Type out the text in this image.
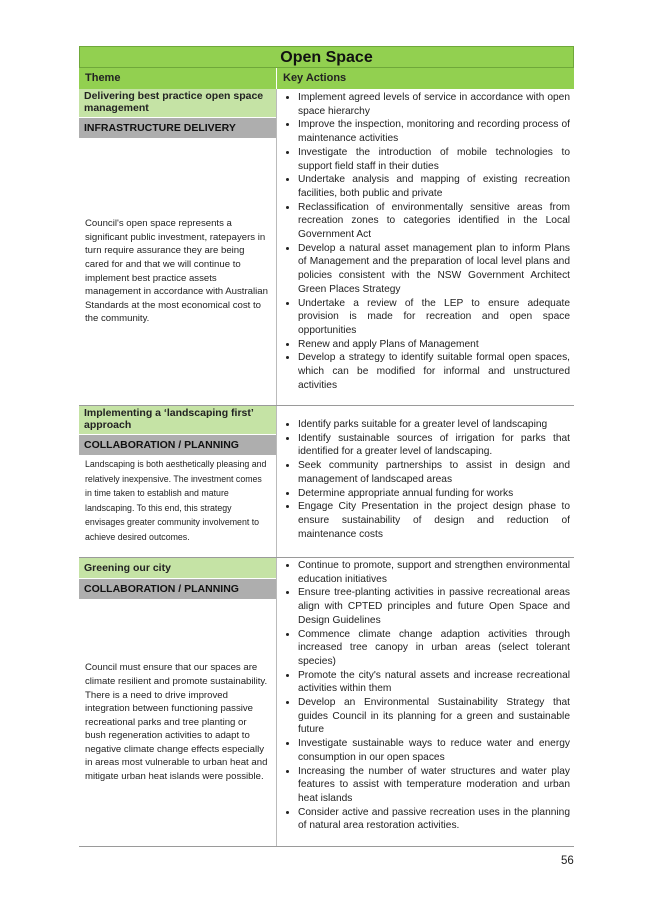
Open Space
Theme	Key Actions
Delivering best practice open space management
INFRASTRUCTURE DELIVERY
Council's open space represents a significant public investment, ratepayers in turn require assurance they are being cared for and that we will continue to implement best practice assets management in accordance with Australian Standards at the most economical cost to the community.
• Implement agreed levels of service in accordance with open space hierarchy
• Improve the inspection, monitoring and recording process of maintenance activities
• Investigate the introduction of mobile technologies to support field staff in their duties
• Undertake analysis and mapping of existing recreation facilities, both public and private
• Reclassification of environmentally sensitive areas from recreation zones to categories identified in the Local Government Act
• Develop a natural asset management plan to inform Plans of Management and the preparation of local level plans and policies consistent with the NSW Government Architect Green Places Strategy
• Undertake a review of the LEP to ensure adequate provision is made for recreation and open space opportunities
• Renew and apply Plans of Management
• Develop a strategy to identify suitable formal open spaces, which can be modified for informal and unstructured activities
Implementing a ‘landscaping first’ approach
COLLABORATION / PLANNING
Landscaping is both aesthetically pleasing and relatively inexpensive. The investment comes in time taken to establish and mature landscaping. To this end, this strategy envisages greater community involvement to achieve desired outcomes.
• Identify parks suitable for a greater level of landscaping
• Identify sustainable sources of irrigation for parks that identified for a greater level of landscaping.
• Seek community partnerships to assist in design and management of landscaped areas
• Determine appropriate annual funding for works
• Engage City Presentation in the project design phase to ensure sustainability of design and reduction of maintenance costs
Greening our city
COLLABORATION / PLANNING
Council must ensure that our spaces are climate resilient and promote sustainability. There is a need to drive improved integration between functioning passive recreational parks and tree planting or bush regeneration activities to adapt to negative climate change effects especially in areas most vulnerable to urban heat and mitigate urban heat islands were possible.
• Continue to promote, support and strengthen environmental education initiatives
• Ensure tree-planting activities in passive recreational areas align with CPTED principles and future Open Space and Design Guidelines
• Commence climate change adaption activities through increased tree canopy in urban areas (select tolerant species)
• Promote the city's natural assets and increase recreational activities within them
• Develop an Environmental Sustainability Strategy that guides Council in its planning for a green and sustainable future
• Investigate sustainable ways to reduce water and energy consumption in our open spaces
• Increasing the number of water structures and water play features to assist with temperature moderation and urban heat islands
• Consider active and passive recreation uses in the planning of natural area restoration activities.
56
